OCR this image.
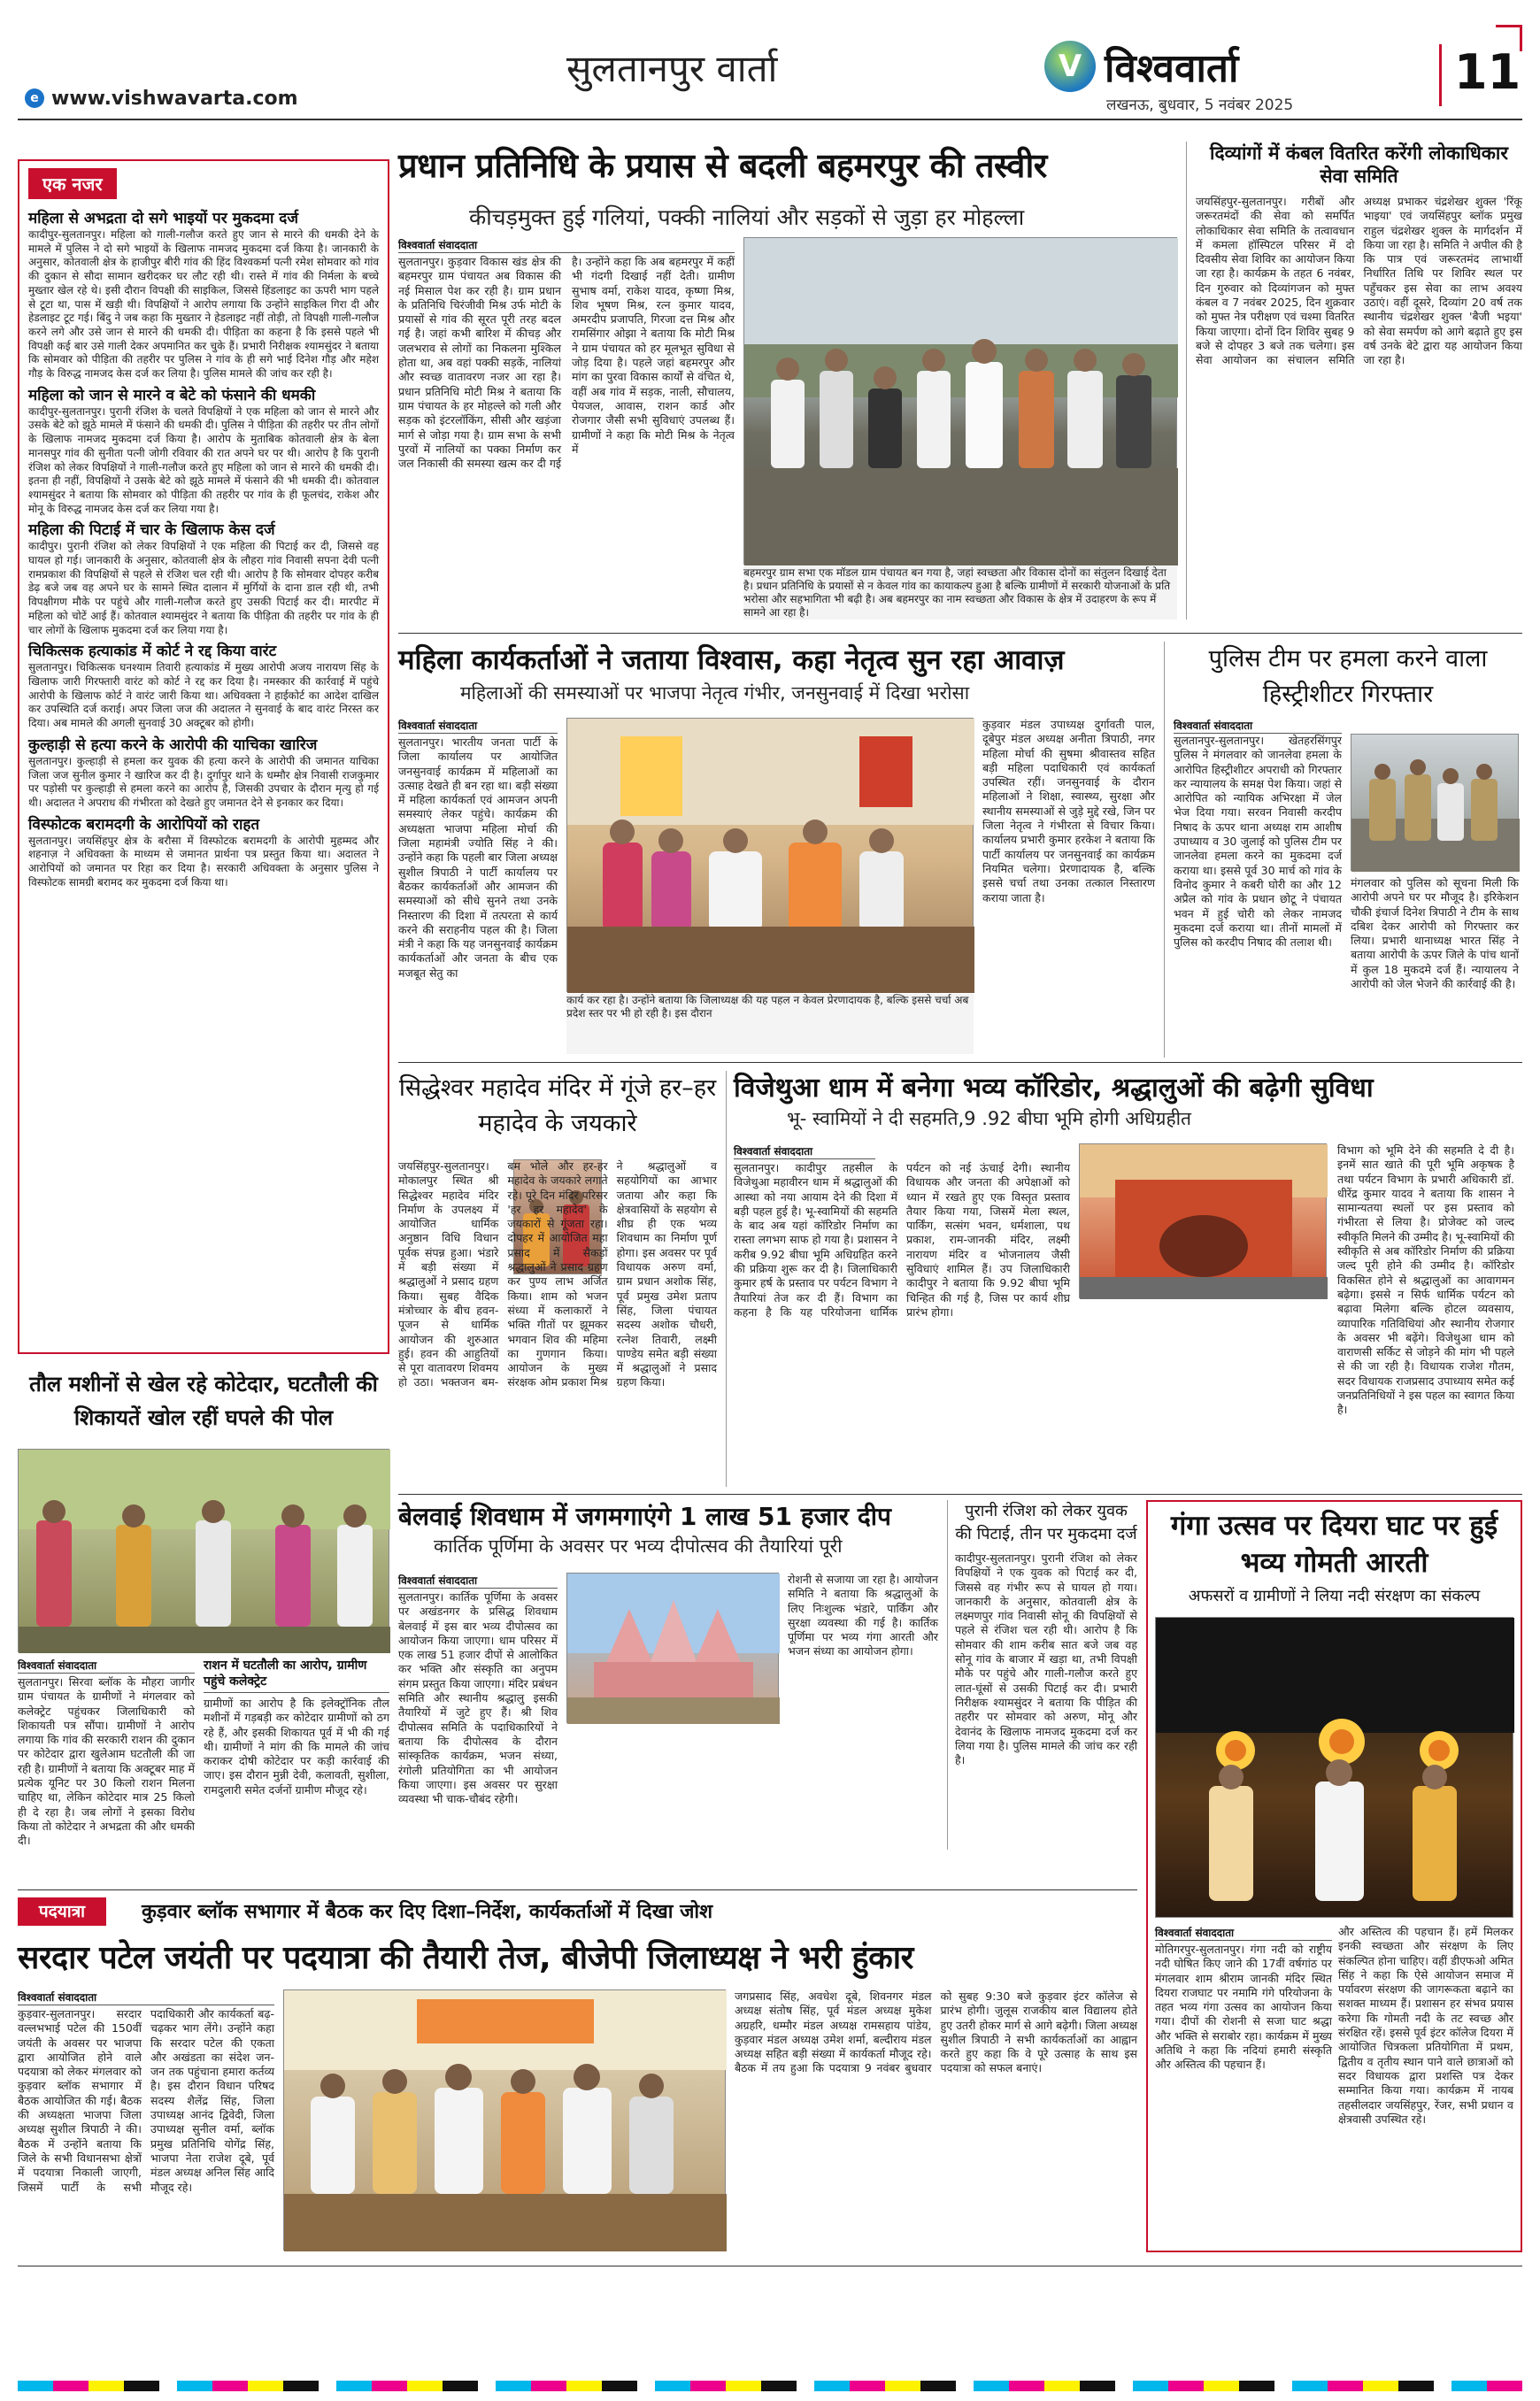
सुलतानपुर वार्ता
e www.vishwavarta.com
V विश्ववार्ता
लखनऊ, बुधवार, 5 नवंबर 2025
11
एक नजर
महिला से अभद्रता दो सगे भाइयों पर मुकदमा दर्ज
कादीपुर-सुलतानपुर। महिला को गाली-गलौज करते हुए जान से मारने की धमकी देने के मामले में पुलिस ने दो सगे भाइयों के खिलाफ नामजद मुकदमा दर्ज किया है। जानकारी के अनुसार, कोतवाली क्षेत्र के हाजीपुर बीरी गांव की हिंद विश्वकर्मा पत्नी रमेश सोमवार को गांव की दुकान से सौदा सामान खरीदकर घर लौट रही थी। रास्ते में गांव की निर्मला के बच्चे मुख्तार खेल रहे थे। इसी दौरान विपक्षी की साइकिल, जिससे हिंडलाइट का ऊपरी भाग पहले से टूटा था, पास में खड़ी थी। विपक्षियों ने आरोप लगाया कि उन्होंने साइकिल गिरा दी और हेडलाइट टूट गई। बिंदु ने जब कहा कि मुख्तार ने हेडलाइट नहीं तोड़ी, तो विपक्षी गाली-गलौज करने लगे और उसे जान से मारने की धमकी दी। पीड़िता का कहना है कि इससे पहले भी विपक्षी कई बार उसे गाली देकर अपमानित कर चुके हैं। प्रभारी निरीक्षक श्यामसुंदर ने बताया कि सोमवार को पीड़िता की तहरीर पर पुलिस ने गांव के ही सगे भाई दिनेश गौड़ और महेश गौड़ के विरुद्ध नामजद केस दर्ज कर लिया है। पुलिस मामले की जांच कर रही है।
महिला को जान से मारने व बेटे को फंसाने की धमकी
कादीपुर-सुलतानपुर। पुरानी रंजिश के चलते विपक्षियों ने एक महिला को जान से मारने और उसके बेटे को झूठे मामले में फंसाने की धमकी दी। पुलिस ने पीड़िता की तहरीर पर तीन लोगों के खिलाफ नामजद मुकदमा दर्ज किया है। आरोप के मुताबिक कोतवाली क्षेत्र के बेला मानसपुर गांव की सुनीता पत्नी जोगी रविवार की रात अपने घर पर थी। आरोप है कि पुरानी रंजिश को लेकर विपक्षियों ने गाली-गलौज करते हुए महिला को जान से मारने की धमकी दी। इतना ही नहीं, विपक्षियों ने उसके बेटे को झूठे मामले में फंसाने की भी धमकी दी। कोतवाल श्यामसुंदर ने बताया कि सोमवार को पीड़िता की तहरीर पर गांव के ही फूलचंद, राकेश और मोनू के विरुद्ध नामजद केस दर्ज कर लिया गया है।
महिला की पिटाई में चार के खिलाफ केस दर्ज
कादीपुर। पुरानी रंजिश को लेकर विपक्षियों ने एक महिला की पिटाई कर दी, जिससे वह घायल हो गई। जानकारी के अनुसार, कोतवाली क्षेत्र के लौहरा गांव निवासी सपना देवी पत्नी रामप्रकाश की विपक्षियों से पहले से रंजिश चल रही थी। आरोप है कि सोमवार दोपहर करीब डेढ़ बजे जब वह अपने घर के सामने स्थित दालान में मुर्गियों के दाना डाल रही थी, तभी विपक्षीगण मौके पर पहुंचे और गाली-गलौज करते हुए उसकी पिटाई कर दी। मारपीट में महिला को चोटें आई हैं। कोतवाल श्यामसुंदर ने बताया कि पीड़िता की तहरीर पर गांव के ही चार लोगों के खिलाफ मुकदमा दर्ज कर लिया गया है।
चिकित्सक हत्याकांड में कोर्ट ने रद्द किया वारंट
सुलतानपुर। चिकित्सक घनश्याम तिवारी हत्याकांड में मुख्य आरोपी अजय नारायण सिंह के खिलाफ जारी गिरफ्तारी वारंट को कोर्ट ने रद्द कर दिया है। नमस्कार की कार्रवाई में पहुंचे आरोपी के खिलाफ कोर्ट ने वारंट जारी किया था। अधिवक्ता ने हाईकोर्ट का आदेश दाखिल कर उपस्थिति दर्ज कराई। अपर जिला जज की अदालत ने सुनवाई के बाद वारंट निरस्त कर दिया। अब मामले की अगली सुनवाई 30 अक्टूबर को होगी।
कुल्हाड़ी से हत्या करने के आरोपी की याचिका खारिज
सुलतानपुर। कुल्हाड़ी से हमला कर युवक की हत्या करने के आरोपी की जमानत याचिका जिला जज सुनील कुमार ने खारिज कर दी है। दुर्गापुर थाने के धम्मौर क्षेत्र निवासी राजकुमार पर पड़ोसी पर कुल्हाड़ी से हमला करने का आरोप है, जिसकी उपचार के दौरान मृत्यु हो गई थी। अदालत ने अपराध की गंभीरता को देखते हुए जमानत देने से इनकार कर दिया।
विस्फोटक बरामदगी के आरोपियों को राहत
सुलतानपुर। जयसिंहपुर क्षेत्र के बरौसा में विस्फोटक बरामदगी के आरोपी मुहम्मद और शहनाज़ ने अधिवक्ता के माध्यम से जमानत प्रार्थना पत्र प्रस्तुत किया था। अदालत ने आरोपियों को जमानत पर रिहा कर दिया है। सरकारी अधिवक्ता के अनुसार पुलिस ने विस्फोटक सामग्री बरामद कर मुकदमा दर्ज किया था।
प्रधान प्रतिनिधि के प्रयास से बदली बहमरपुर की तस्वीर
कीचड़मुक्त हुई गलियां, पक्की नालियां और सड़कों से जुड़ा हर मोहल्ला
विश्ववार्ता संवाददाता
सुलतानपुर। कुड़वार विकास खंड क्षेत्र की बहमरपुर ग्राम पंचायत अब विकास की नई मिसाल पेश कर रही है। ग्राम प्रधान के प्रतिनिधि चिरंजीवी मिश्र उर्फ मोटी के प्रयासों से गांव की सूरत पूरी तरह बदल गई है। जहां कभी बारिश में कीचड़ और जलभराव से लोगों का निकलना मुश्किल होता था, अब वहां पक्की सड़कें, नालियां और स्वच्छ वातावरण नजर आ रहा है। प्रधान प्रतिनिधि मोटी मिश्र ने बताया कि ग्राम पंचायत के हर मोहल्ले को गली और सड़क को इंटरलॉकिंग, सीसी और खड़ंजा मार्ग से जोड़ा गया है। ग्राम सभा के सभी पुरवों में नालियों का पक्का निर्माण कर जल निकासी की समस्या खत्म कर दी गई है। उन्होंने कहा कि अब बहमरपुर में कहीं भी गंदगी दिखाई नहीं देती। ग्रामीण सुभाष वर्मा, राकेश यादव, कृष्णा मिश्र, शिव भूषण मिश्र, रत्न कुमार यादव, अमरदीप प्रजापति, गिरजा दत्त मिश्र और रामसिंगार ओझा ने बताया कि मोटी मिश्र ने ग्राम पंचायत को हर मूलभूत सुविधा से जोड़ दिया है। पहले जहां बहमरपुर और मांग का पुरवा विकास कार्यों से वंचित थे, वहीं अब गांव में सड़क, नाली, सौचालय, पेयजल, आवास, राशन कार्ड और रोजगार जैसी सभी सुविधाएं उपलब्ध हैं। ग्रामीणों ने कहा कि मोटी मिश्र के नेतृत्व में
बहमरपुर ग्राम सभा एक मॉडल ग्राम पंचायत बन गया है, जहां स्वच्छता और विकास दोनों का संतुलन दिखाई देता है। प्रधान प्रतिनिधि के प्रयासों से न केवल गांव का कायाकल्प हुआ है बल्कि ग्रामीणों में सरकारी योजनाओं के प्रति भरोसा और सहभागिता भी बढ़ी है। अब बहमरपुर का नाम स्वच्छता और विकास के क्षेत्र में उदाहरण के रूप में सामने आ रहा है।
दिव्यांगों में कंबल वितरित करेंगी लोकाधिकार सेवा समिति
जयसिंहपुर-सुलतानपुर। गरीबों और जरूरतमंदों की सेवा को समर्पित लोकाधिकार सेवा समिति के तत्वावधान में कमला हॉस्पिटल परिसर में दो दिवसीय सेवा शिविर का आयोजन किया जा रहा है। कार्यक्रम के तहत 6 नवंबर, दिन गुरुवार को दिव्यांगजन को मुफ्त कंबल व 7 नवंबर 2025, दिन शुक्रवार को मुफ्त नेत्र परीक्षण एवं चश्मा वितरित किया जाएगा। दोनों दिन शिविर सुबह 9 बजे से दोपहर 3 बजे तक चलेगा। इस सेवा आयोजन का संचालन समिति अध्यक्ष प्रभाकर चंद्रशेखर शुक्ल 'रिंकू भाइया' एवं जयसिंहपुर ब्लॉक प्रमुख राहुल चंद्रशेखर शुक्ल के मार्गदर्शन में किया जा रहा है। समिति ने अपील की है कि पात्र एवं जरूरतमंद लाभार्थी निर्धारित तिथि पर शिविर स्थल पर पहुँचकर इस सेवा का लाभ अवश्य उठाएं। वहीं दूसरे, दिव्यांग 20 वर्ष तक स्थानीय चंद्रशेखर शुक्ल 'बैजी भइया' को सेवा समर्पण को आगे बढ़ाते हुए इस वर्ष उनके बेटे द्वारा यह आयोजन किया जा रहा है।
महिला कार्यकर्ताओं ने जताया विश्वास, कहा नेतृत्व सुन रहा आवाज़
महिलाओं की समस्याओं पर भाजपा नेतृत्व गंभीर, जनसुनवाई में दिखा भरोसा
विश्ववार्ता संवाददाता
सुलतानपुर। भारतीय जनता पार्टी के जिला कार्यालय पर आयोजित जनसुनवाई कार्यक्रम में महिलाओं का उत्साह देखते ही बन रहा था। बड़ी संख्या में महिला कार्यकर्ता एवं आमजन अपनी समस्याएं लेकर पहुंचे। कार्यक्रम की अध्यक्षता भाजपा महिला मोर्चा की जिला महामंत्री ज्योति सिंह ने की। उन्होंने कहा कि पहली बार जिला अध्यक्ष सुशील त्रिपाठी ने पार्टी कार्यालय पर बैठकर कार्यकर्ताओं और आमजन की समस्याओं को सीधे सुनने तथा उनके निस्तारण की दिशा में तत्परता से कार्य करने की सराहनीय पहल की है। जिला मंत्री ने कहा कि यह जनसुनवाई कार्यक्रम कार्यकर्ताओं और जनता के बीच एक मजबूत सेतु का
कुड़वार मंडल उपाध्यक्ष दुर्गावती पाल, दूबेपुर मंडल अध्यक्ष अनीता त्रिपाठी, नगर महिला मोर्चा की सुषमा श्रीवास्तव सहित बड़ी महिला पदाधिकारी एवं कार्यकर्ता उपस्थित रहीं। जनसुनवाई के दौरान महिलाओं ने शिक्षा, स्वास्थ्य, सुरक्षा और स्थानीय समस्याओं से जुड़े मुद्दे रखे, जिन पर जिला नेतृत्व ने गंभीरता से विचार किया। कार्यालय प्रभारी कुमार हरकेश ने बताया कि पार्टी कार्यालय पर जनसुनवाई का कार्यक्रम नियमित चलेगा। प्रेरणादायक है, बल्कि इससे चर्चा तथा उनका तत्काल निस्तारण कराया जाता है।
कार्य कर रहा है। उन्होंने बताया कि जिलाध्यक्ष की यह पहल न केवल प्रेरणादायक है, बल्कि इससे चर्चा अब प्रदेश स्तर पर भी हो रही है। इस दौरान
पुलिस टीम पर हमला करने वाला हिस्ट्रीशीटर गिरफ्तार
विश्ववार्ता संवाददाता
सुलतानपुर-सुलतानपुर। खेतहरसिंगपुर पुलिस ने मंगलवार को जानलेवा हमला के आरोपित हिस्ट्रीशीटर अपराधी को गिरफ्तार कर न्यायालय के समक्ष पेश किया। जहां से आरोपित को न्यायिक अभिरक्षा में जेल भेज दिया गया। सरवन निवासी करदीप निषाद के ऊपर थाना अध्यक्ष राम आशीष उपाध्याय व 30 जुलाई को पुलिस टीम पर जानलेवा हमला करने का मुकदमा दर्ज कराया था। इससे पूर्व 30 मार्च को गांव के विनोद कुमार ने कबरी घोरी का और 12 अप्रैल को गांव के प्रधान छोटू ने पंचायत भवन में हुई चोरी को लेकर नामजद मुकदमा दर्ज कराया था। तीनों मामलों में पुलिस को करदीप निषाद की तलाश थी।
मंगलवार को पुलिस को सूचना मिली कि आरोपी अपने घर पर मौजूद है। इरिकेशन चौकी इंचार्ज दिनेश त्रिपाठी ने टीम के साथ दबिश देकर आरोपी को गिरफ्तार कर लिया। प्रभारी थानाध्यक्ष भारत सिंह ने बताया आरोपी के ऊपर जिले के पांच थानों में कुल 18 मुकदमे दर्ज हैं। न्यायालय ने आरोपी को जेल भेजने की कार्रवाई की है।
सिद्धेश्वर महादेव मंदिर में गूंजे हर–हर महादेव के जयकारे
जयसिंहपुर-सुलतानपुर। मोकालपुर स्थित श्री सिद्धेश्वर महादेव मंदिर निर्माण के उपलक्ष्य में आयोजित धार्मिक अनुष्ठान विधि विधान पूर्वक संपन्न हुआ। भंडारे में बड़ी संख्या में श्रद्धालुओं ने प्रसाद ग्रहण किया। सुबह वैदिक मंत्रोच्चार के बीच हवन-पूजन से धार्मिक आयोजन की शुरुआत हुई। हवन की आहुतियों से पूरा वातावरण शिवमय हो उठा। भक्तजन बम-बम भोले और हर-हर महादेव के जयकारे लगाते रहे। पूरे दिन मंदिर परिसर 'हर हर महादेव' के जयकारों से गूंजता रहा। दोपहर में आयोजित महा प्रसाद में सैकड़ों श्रद्धालुओं ने प्रसाद ग्रहण कर पुण्य लाभ अर्जित किया। शाम को भजन संध्या में कलाकारों ने भक्ति गीतों पर झूमकर भगवान शिव की महिमा का गुणगान किया। आयोजन के मुख्य संरक्षक ओम प्रकाश मिश्र ने श्रद्धालुओं व सहयोगियों का आभार जताया और कहा कि क्षेत्रवासियों के सहयोग से शीघ्र ही एक भव्य शिवधाम का निर्माण पूर्ण होगा। इस अवसर पर पूर्व विधायक अरुण वर्मा, ग्राम प्रधान अशोक सिंह, पूर्व प्रमुख उमेश प्रताप सिंह, जिला पंचायत सदस्य अशोक चौधरी, रत्नेश तिवारी, लक्ष्मी पाण्डेय समेत बड़ी संख्या में श्रद्धालुओं ने प्रसाद ग्रहण किया।
विजेथुआ धाम में बनेगा भव्य कॉरिडोर, श्रद्धालुओं की बढ़ेगी सुविधा
भू- स्वामियों ने दी सहमति,9 .92 बीघा भूमि होगी अधिग्रहीत
विश्ववार्ता संवाददाता
सुलतानपुर। कादीपुर तहसील के विजेथुआ महावीरन धाम में श्रद्धालुओं की आस्था को नया आयाम देने की दिशा में बड़ी पहल हुई है। भू-स्वामियों की सहमति के बाद अब यहां कॉरिडोर निर्माण का रास्ता लगभग साफ हो गया है। प्रशासन ने करीब 9.92 बीघा भूमि अधिग्रहित करने की प्रक्रिया शुरू कर दी है। जिलाधिकारी कुमार हर्ष के प्रस्ताव पर पर्यटन विभाग ने तैयारियां तेज कर दी हैं। विभाग का कहना है कि यह परियोजना धार्मिक पर्यटन को नई ऊंचाई देगी। स्थानीय विधायक और जनता की अपेक्षाओं को ध्यान में रखते हुए एक विस्तृत प्रस्ताव तैयार किया गया, जिसमें मेला स्थल, पार्किंग, सत्संग भवन, धर्मशाला, पथ प्रकाश, राम-जानकी मंदिर, लक्ष्मी नारायण मंदिर व भोजनालय जैसी सुविधाएं शामिल हैं। उप जिलाधिकारी कादीपुर ने बताया कि 9.92 बीघा भूमि चिन्हित की गई है, जिस पर कार्य शीघ्र प्रारंभ होगा।
विभाग को भूमि देने की सहमति दे दी है। इनमें सात खाते की पूरी भूमि अकृषक है तथा पर्यटन विभाग के प्रभारी अधिकारी डॉ. धीरेंद्र कुमार यादव ने बताया कि शासन ने सामान्यतया स्थलों पर इस प्रस्ताव को गंभीरता से लिया है। प्रोजेक्ट को जल्द स्वीकृति मिलने की उम्मीद है। भू-स्वामियों की स्वीकृति से अब कॉरिडोर निर्माण की प्रक्रिया जल्द पूरी होने की उम्मीद है। कॉरिडोर विकसित होने से श्रद्धालुओं का आवागमन बढ़ेगा। इससे न सिर्फ धार्मिक पर्यटन को बढ़ावा मिलेगा बल्कि होटल व्यवसाय, व्यापारिक गतिविधियां और स्थानीय रोजगार के अवसर भी बढ़ेंगे। विजेथुआ धाम को वाराणसी सर्किट से जोड़ने की मांग भी पहले से की जा रही है। विधायक राजेश गौतम, सदर विधायक राजप्रसाद उपाध्याय समेत कई जनप्रतिनिधियों ने इस पहल का स्वागत किया है।
तौल मशीनों से खेल रहे कोटेदार, घटतौली की शिकायतें खोल रहीं घपले की पोल
विश्ववार्ता संवाददाता
सुलतानपुर। सिरवा ब्लॉक के मौहरा जागीर ग्राम पंचायत के ग्रामीणों ने मंगलवार को कलेक्ट्रेट पहुंचकर जिलाधिकारी को शिकायती पत्र सौंपा। ग्रामीणों ने आरोप लगाया कि गांव की सरकारी राशन की दुकान पर कोटेदार द्वारा खुलेआम घटतौली की जा रही है। ग्रामीणों ने बताया कि अक्टूबर माह में प्रत्येक यूनिट पर 30 किलो राशन मिलना चाहिए था, लेकिन कोटेदार मात्र 25 किलो ही दे रहा है। जब लोगों ने इसका विरोध किया तो कोटेदार ने अभद्रता की और धमकी दी।
राशन में घटतौली का आरोप, ग्रामीण पहुंचे कलेक्ट्रेट
ग्रामीणों का आरोप है कि इलेक्ट्रॉनिक तौल मशीनों में गड़बड़ी कर कोटेदार ग्रामीणों को ठग रहे हैं, और इसकी शिकायत पूर्व में भी की गई थी। ग्रामीणों ने मांग की कि मामले की जांच कराकर दोषी कोटेदार पर कड़ी कार्रवाई की जाए। इस दौरान मुन्नी देवी, कलावती, सुशीला, रामदुलारी समेत दर्जनों ग्रामीण मौजूद रहे।
बेलवाई शिवधाम में जगमगाएंगे 1 लाख 51 हजार दीप
कार्तिक पूर्णिमा के अवसर पर भव्य दीपोत्सव की तैयारियां पूरी
विश्ववार्ता संवाददाता
सुलतानपुर। कार्तिक पूर्णिमा के अवसर पर अखंडनगर के प्रसिद्ध शिवधाम बेलवाई में इस बार भव्य दीपोत्सव का आयोजन किया जाएगा। धाम परिसर में एक लाख 51 हजार दीपों से आलोकित कर भक्ति और संस्कृति का अनुपम संगम प्रस्तुत किया जाएगा। मंदिर प्रबंधन समिति और स्थानीय श्रद्धालु इसकी तैयारियों में जुटे हुए हैं। श्री शिव दीपोत्सव समिति के पदाधिकारियों ने बताया कि दीपोत्सव के दौरान सांस्कृतिक कार्यक्रम, भजन संध्या, रंगोली प्रतियोगिता का भी आयोजन किया जाएगा। इस अवसर पर सुरक्षा व्यवस्था भी चाक-चौबंद रहेगी।
रोशनी से सजाया जा रहा है। आयोजन समिति ने बताया कि श्रद्धालुओं के लिए निःशुल्क भंडारे, पार्किंग और सुरक्षा व्यवस्था की गई है। कार्तिक पूर्णिमा पर भव्य गंगा आरती और भजन संध्या का आयोजन होगा।
पुरानी रंजिश को लेकर युवक की पिटाई, तीन पर मुकदमा दर्ज
कादीपुर-सुलतानपुर। पुरानी रंजिश को लेकर विपक्षियों ने एक युवक को पिटाई कर दी, जिससे वह गंभीर रूप से घायल हो गया। जानकारी के अनुसार, कोतवाली क्षेत्र के लक्ष्मणपुर गांव निवासी सोनू की विपक्षियों से पहले से रंजिश चल रही थी। आरोप है कि सोमवार की शाम करीब सात बजे जब वह सोनू गांव के बाजार में खड़ा था, तभी विपक्षी मौके पर पहुंचे और गाली-गलौज करते हुए लात-घूंसों से उसकी पिटाई कर दी। प्रभारी निरीक्षक श्यामसुंदर ने बताया कि पीड़ित की तहरीर पर सोमवार को अरुण, मोनू और देवानंद के खिलाफ नामजद मुकदमा दर्ज कर लिया गया है। पुलिस मामले की जांच कर रही है।
गंगा उत्सव पर दियरा घाट पर हुई भव्य गोमती आरती
अफसरों व ग्रामीणों ने लिया नदी संरक्षण का संकल्प
विश्ववार्ता संवाददाता
मोतिगरपुर-सुलतानपुर। गंगा नदी को राष्ट्रीय नदी घोषित किए जाने की 17वीं वर्षगांठ पर मंगलवार शाम श्रीराम जानकी मंदिर स्थित दियरा राजघाट पर नमामि गंगे परियोजना के तहत भव्य गंगा उत्सव का आयोजन किया गया। दीपों की रोशनी से सजा घाट श्रद्धा और भक्ति से सराबोर रहा। कार्यक्रम में मुख्य अतिथि ने कहा कि नदियां हमारी संस्कृति और अस्तित्व की पहचान हैं।
और अस्तित्व की पहचान हैं। हमें मिलकर इनकी स्वच्छता और संरक्षण के लिए संकल्पित होना चाहिए। वहीं डीएफओ अमित सिंह ने कहा कि ऐसे आयोजन समाज में पर्यावरण संरक्षण की जागरूकता बढ़ाने का सशक्त माध्यम हैं। प्रशासन हर संभव प्रयास करेगा कि गोमती नदी के तट स्वच्छ और संरक्षित रहें। इससे पूर्व इंटर कॉलेज दियरा में आयोजित चित्रकला प्रतियोगिता में प्रथम, द्वितीय व तृतीय स्थान पाने वाले छात्राओं को सदर विधायक द्वारा प्रशस्ति पत्र देकर सम्मानित किया गया। कार्यक्रम में नायब तहसीलदार जयसिंहपुर, रेंजर, सभी प्रधान व क्षेत्रवासी उपस्थित रहे।
पदयात्रा	कुड़वार ब्लॉक सभागार में बैठक कर दिए दिशा–निर्देश, कार्यकर्ताओं में दिखा जोश
सरदार पटेल जयंती पर पदयात्रा की तैयारी तेज, बीजेपी जिलाध्यक्ष ने भरी हुंकार
विश्ववार्ता संवाददाता
कुड़वार-सुलतानपुर। सरदार वल्लभभाई पटेल की 150वीं जयंती के अवसर पर भाजपा द्वारा आयोजित होने वाले पदयात्रा को लेकर मंगलवार को कुड़वार ब्लॉक सभागार में बैठक आयोजित की गई। बैठक की अध्यक्षता भाजपा जिला अध्यक्ष सुशील त्रिपाठी ने की। बैठक में उन्होंने बताया कि जिले के सभी विधानसभा क्षेत्रों में पदयात्रा निकाली जाएगी, जिसमें पार्टी के सभी पदाधिकारी और कार्यकर्ता बढ़-चढ़कर भाग लेंगे। उन्होंने कहा कि सरदार पटेल की एकता और अखंडता का संदेश जन-जन तक पहुंचाना हमारा कर्तव्य है। इस दौरान विधान परिषद सदस्य शैलेंद्र सिंह, जिला उपाध्यक्ष आनंद द्विवेदी, जिला उपाध्यक्ष सुनील वर्मा, ब्लॉक प्रमुख प्रतिनिधि योगेंद्र सिंह, भाजपा नेता राजेश दूबे, पूर्व मंडल अध्यक्ष अनिल सिंह आदि मौजूद रहे।
जगप्रसाद सिंह, अवधेश दूबे, शिवनगर मंडल अध्यक्ष संतोष सिंह, पूर्व मंडल अध्यक्ष मुकेश अग्रहरि, धम्मौर मंडल अध्यक्ष रामसहाय पांडेय, कुड़वार मंडल अध्यक्ष उमेश शर्मा, बल्दीराय मंडल अध्यक्ष सहित बड़ी संख्या में कार्यकर्ता मौजूद रहे। बैठक में तय हुआ कि पदयात्रा 9 नवंबर बुधवार को सुबह 9:30 बजे कुड़वार इंटर कॉलेज से प्रारंभ होगी। जुलूस राजकीय बाल विद्यालय होते हुए उतरी होकर मार्ग से आगे बढ़ेगी। जिला अध्यक्ष सुशील त्रिपाठी ने सभी कार्यकर्ताओं का आह्वान करते हुए कहा कि वे पूरे उत्साह के साथ इस पदयात्रा को सफल बनाएं।
